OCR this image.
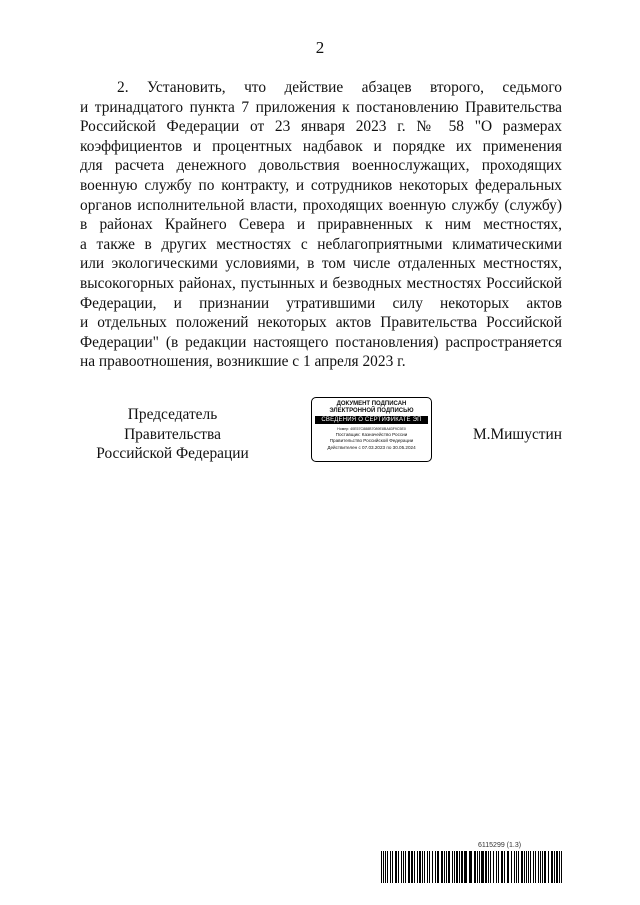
2
2. Установить, что действие абзацев второго, седьмого
и тринадцатого пункта 7 приложения к постановлению Правительства
Российской Федерации от 23 января 2023 г. № 58 "О размерах
коэффициентов и процентных надбавок и порядке их применения
для расчета денежного довольствия военнослужащих, проходящих
военную службу по контракту, и сотрудников некоторых федеральных
органов исполнительной власти, проходящих военную службу (службу)
в районах Крайнего Севера и приравненных к ним местностях,
а также в других местностях с неблагоприятными климатическими
или экологическими условиями, в том числе отдаленных местностях,
высокогорных районах, пустынных и безводных местностях Российской
Федерации, и признании утратившими силу некоторых актов
и отдельных положений некоторых актов Правительства Российской
Федерации" (в редакции настоящего постановления) распространяется
на правоотношения, возникшие с 1 апреля 2023 г.
Председатель Правительства
Российской Федерации
ДОКУМЕНТ ПОДПИСАН
ЭЛЕКТРОННОЙ ПОДПИСЬЮ
СВЕДЕНИЯ О СЕРТИФИКАТЕ ЭП
Номер: 40E57C888B7089E8BA83F9C5E0
Поставщик: Казначейство России
Правительство Российской Федерации
Действителен с 07.03.2023 по 30.05.2024
М.Мишустин
6115299 (1.3)
